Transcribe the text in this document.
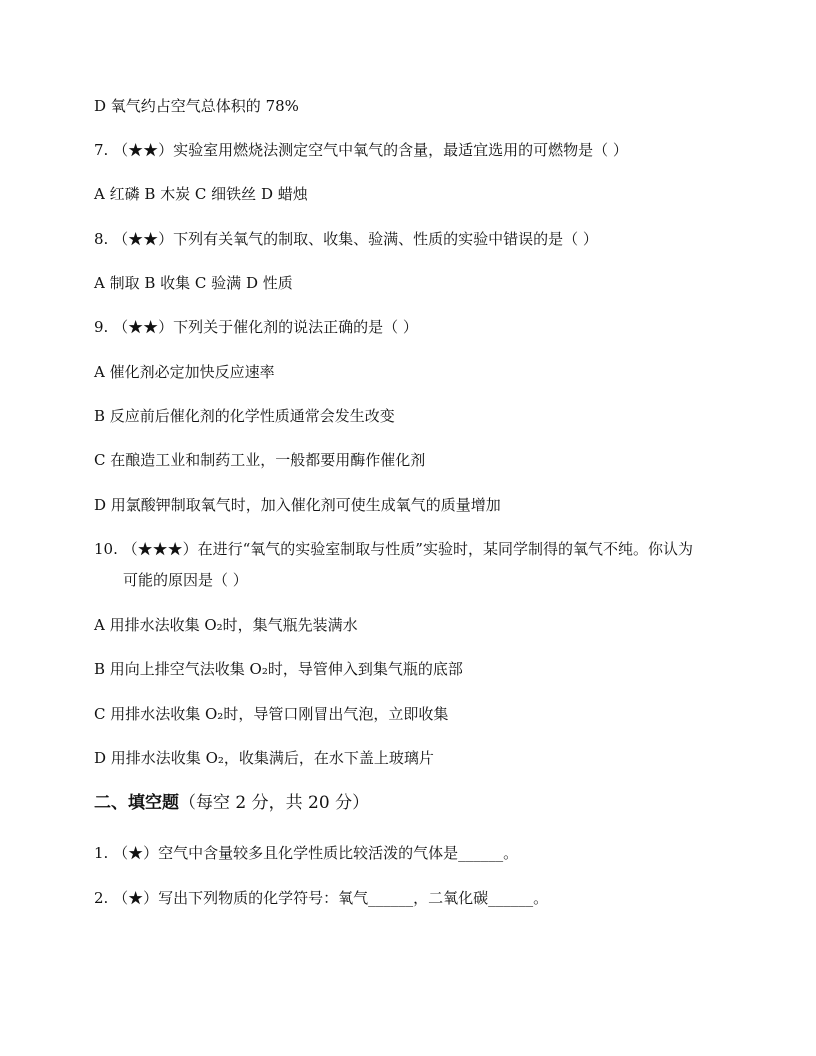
D 氧气约占空气总体积的 78%
7. （★★）实验室用燃烧法测定空气中氧气的含量，最适宜选用的可燃物是（ ）
A 红磷 B 木炭 C 细铁丝 D 蜡烛
8. （★★）下列有关氧气的制取、收集、验满、性质的实验中错误的是（ ）
A 制取 B 收集 C 验满 D 性质
9. （★★）下列关于催化剂的说法正确的是（ ）
A 催化剂必定加快反应速率
B 反应前后催化剂的化学性质通常会发生改变
C 在酿造工业和制药工业，一般都要用酶作催化剂
D 用氯酸钾制取氧气时，加入催化剂可使生成氧气的质量增加
10. （★★★）在进行“氧气的实验室制取与性质”实验时，某同学制得的氧气不纯。你认为
可能的原因是（ ）
A 用排水法收集 O₂时，集气瓶先装满水
B 用向上排空气法收集 O₂时，导管伸入到集气瓶的底部
C 用排水法收集 O₂时，导管口刚冒出气泡，立即收集
D 用排水法收集 O₂，收集满后，在水下盖上玻璃片
二、填空题（每空 2 分，共 20 分）
1. （★）空气中含量较多且化学性质比较活泼的气体是______。
2. （★）写出下列物质的化学符号：氧气______，二氧化碳______。
